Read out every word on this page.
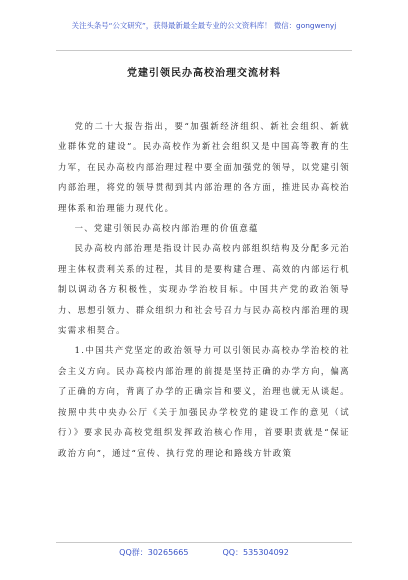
关注头条号“公文研究”，获得最新最全最专业的公文资料库！ 微信：gongwenyj
党建引领民办高校治理交流材料

党的二十大报告指出，要“加强新经济组织、新社会组织、新就业群体党的建设”。民办高校作为新社会组织又是中国高等教育的生力军，在民办高校内部治理过程中要全面加强党的领导，以党建引领内部治理，将党的领导贯彻到其内部治理的各方面，推进民办高校治理体系和治理能力现代化。

一、党建引领民办高校内部治理的价值意蕴

民办高校内部治理是指设计民办高校内部组织结构及分配多元治理主体权责利关系的过程，其目的是要构建合理、高效的内部运行机制以调动各方积极性，实现办学治校目标。中国共产党的政治领导力、思想引领力、群众组织力和社会号召力与民办高校内部治理的现实需求相契合。

1.中国共产党坚定的政治领导力可以引领民办高校办学治校的社会主义方向。民办高校内部治理的前提是坚持正确的办学方向，偏离了正确的方向，背离了办学的正确宗旨和要义，治理也就无从谈起。按照中共中央办公厅《关于加强民办学校党的建设工作的意见（试行）》要求民办高校党组织发挥政治核心作用，首要职责就是“保证政治方向”，通过“宣传、执行党的理论和路线方针政策

QQ群：30265665	QQ：535304092
